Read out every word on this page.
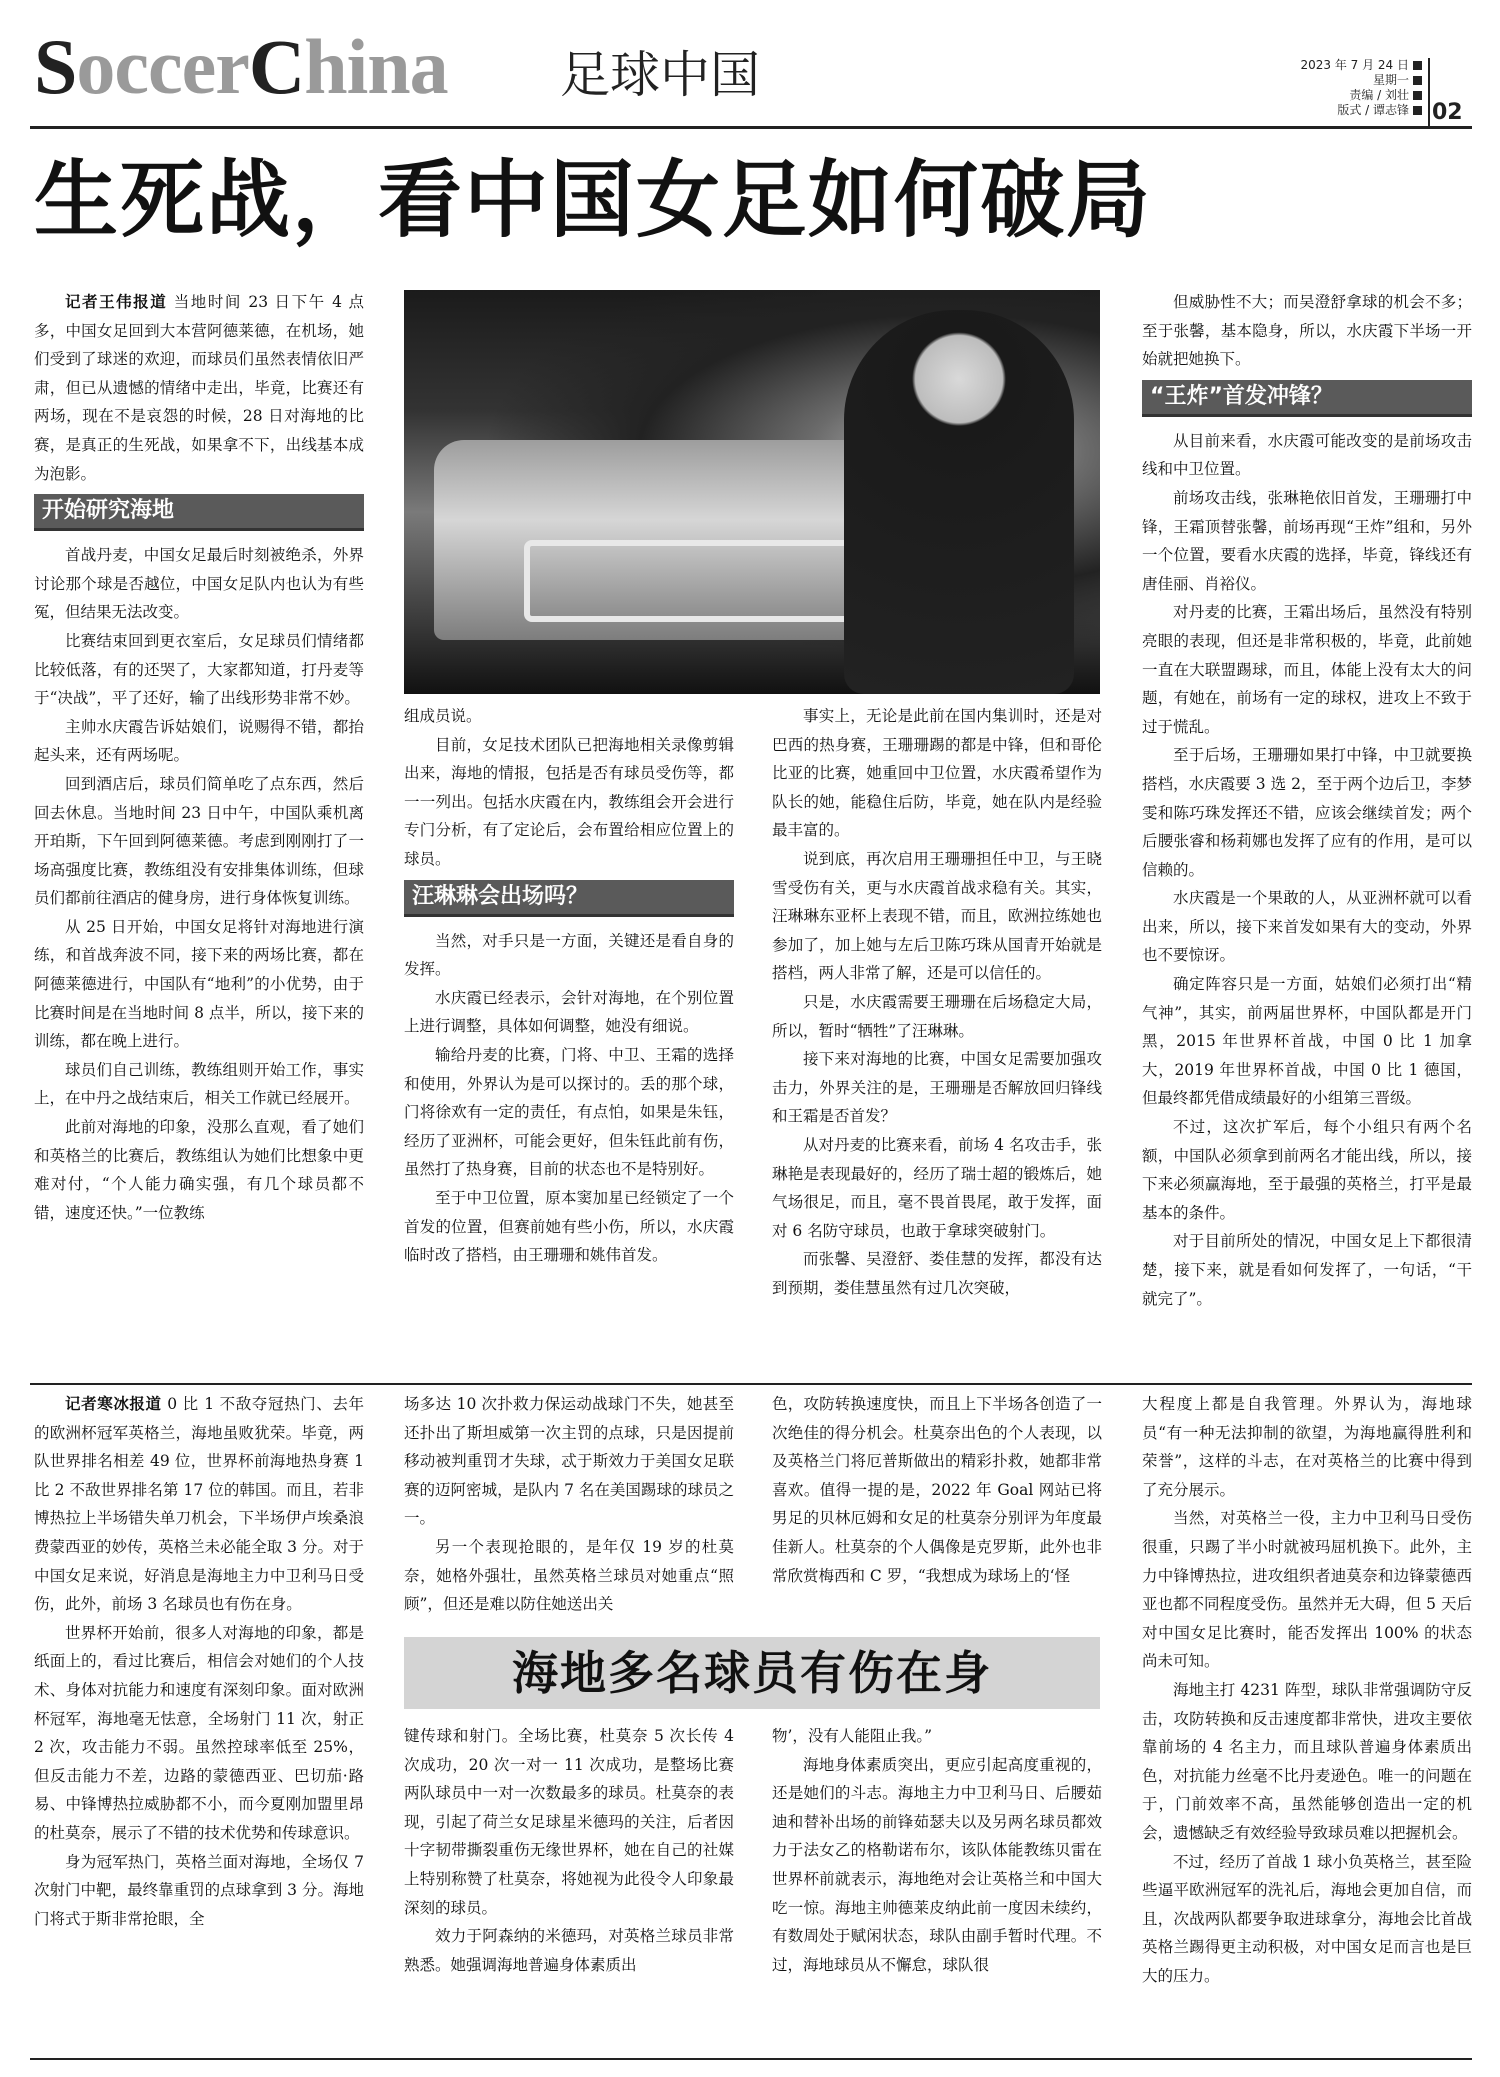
SoccerChina 足球中国	2023 年 7 月 24 日
星期一
责编 / 刘壮
版式 / 谭志锋	02
生死战，看中国女足如何破局

记者王伟报道 当地时间 23 日下午 4 点多，中国女足回到大本营阿德莱德，在机场，她们受到了球迷的欢迎，而球员们虽然表情依旧严肃，但已从遗憾的情绪中走出，毕竟，比赛还有两场，现在不是哀怨的时候，28 日对海地的比赛，是真正的生死战，如果拿不下，出线基本成为泡影。

开始研究海地

首战丹麦，中国女足最后时刻被绝杀，外界讨论那个球是否越位，中国女足队内也认为有些冤，但结果无法改变。

比赛结束回到更衣室后，女足球员们情绪都比较低落，有的还哭了，大家都知道，打丹麦等于“决战”，平了还好，输了出线形势非常不妙。

主帅水庆霞告诉姑娘们，说赐得不错，都抬起头来，还有两场呢。

回到酒店后，球员们简单吃了点东西，然后回去休息。当地时间 23 日中午，中国队乘机离开珀斯，下午回到阿德莱德。考虑到刚刚打了一场高强度比赛，教练组没有安排集体训练，但球员们都前往酒店的健身房，进行身体恢复训练。

从 25 日开始，中国女足将针对海地进行演练，和首战奔波不同，接下来的两场比赛，都在阿德莱德进行，中国队有“地利”的小优势，由于比赛时间是在当地时间 8 点半，所以，接下来的训练，都在晚上进行。

球员们自己训练，教练组则开始工作，事实上，在中丹之战结束后，相关工作就已经展开。

此前对海地的印象，没那么直观，看了她们和英格兰的比赛后，教练组认为她们比想象中更难对付，“个人能力确实强，有几个球员都不错，速度还快。”一位教练

组成员说。

目前，女足技术团队已把海地相关录像剪辑出来，海地的情报，包括是否有球员受伤等，都一一列出。包括水庆霞在内，教练组会开会进行专门分析，有了定论后，会布置给相应位置上的球员。

汪琳琳会出场吗？

当然，对手只是一方面，关键还是看自身的发挥。

水庆霞已经表示，会针对海地，在个别位置上进行调整，具体如何调整，她没有细说。

输给丹麦的比赛，门将、中卫、王霜的选择和使用，外界认为是可以探讨的。丢的那个球，门将徐欢有一定的责任，有点怕，如果是朱钰，经历了亚洲杯，可能会更好，但朱钰此前有伤，虽然打了热身赛，目前的状态也不是特别好。

至于中卫位置，原本窦加星已经锁定了一个首发的位置，但赛前她有些小伤，所以，水庆霞临时改了搭档，由王珊珊和姚伟首发。

事实上，无论是此前在国内集训时，还是对巴西的热身赛，王珊珊踢的都是中锋，但和哥伦比亚的比赛，她重回中卫位置，水庆霞希望作为队长的她，能稳住后防，毕竟，她在队内是经验最丰富的。

说到底，再次启用王珊珊担任中卫，与王晓雪受伤有关，更与水庆霞首战求稳有关。其实，汪琳琳东亚杯上表现不错，而且，欧洲拉练她也参加了，加上她与左后卫陈巧珠从国青开始就是搭档，两人非常了解，还是可以信任的。

只是，水庆霞需要王珊珊在后场稳定大局，所以，暂时“牺牲”了汪琳琳。

接下来对海地的比赛，中国女足需要加强攻击力，外界关注的是，王珊珊是否解放回归锋线和王霜是否首发？

从对丹麦的比赛来看，前场 4 名攻击手，张琳艳是表现最好的，经历了瑞士超的锻炼后，她气场很足，而且，毫不畏首畏尾，敢于发挥，面对 6 名防守球员，也敢于拿球突破射门。

而张馨、吴澄舒、娄佳慧的发挥，都没有达到预期，娄佳慧虽然有过几次突破，

但威胁性不大；而吴澄舒拿球的机会不多；至于张馨，基本隐身，所以，水庆霞下半场一开始就把她换下。

“王炸”首发冲锋？

从目前来看，水庆霞可能改变的是前场攻击线和中卫位置。

前场攻击线，张琳艳依旧首发，王珊珊打中锋，王霜顶替张馨，前场再现“王炸”组和，另外一个位置，要看水庆霞的选择，毕竟，锋线还有唐佳丽、肖裕仪。

对丹麦的比赛，王霜出场后，虽然没有特别亮眼的表现，但还是非常积极的，毕竟，此前她一直在大联盟踢球，而且，体能上没有太大的问题，有她在，前场有一定的球权，进攻上不致于过于慌乱。

至于后场，王珊珊如果打中锋，中卫就要换搭档，水庆霞要 3 选 2，至于两个边后卫，李梦雯和陈巧珠发挥还不错，应该会继续首发；两个后腰张睿和杨莉娜也发挥了应有的作用，是可以信赖的。

水庆霞是一个果敢的人，从亚洲杯就可以看出来，所以，接下来首发如果有大的变动，外界也不要惊讶。

确定阵容只是一方面，姑娘们必须打出“精气神”，其实，前两届世界杯，中国队都是开门黑，2015 年世界杯首战，中国 0 比 1 加拿大，2019 年世界杯首战，中国 0 比 1 德国，但最终都凭借成绩最好的小组第三晋级。

不过，这次扩军后，每个小组只有两个名额，中国队必须拿到前两名才能出线，所以，接下来必须赢海地，至于最强的英格兰，打平是最基本的条件。

对于目前所处的情况，中国女足上下都很清楚，接下来，就是看如何发挥了，一句话，“干就完了”。

记者寒冰报道 0 比 1 不敌夺冠热门、去年的欧洲杯冠军英格兰，海地虽败犹荣。毕竟，两队世界排名相差 49 位，世界杯前海地热身赛 1 比 2 不敌世界排名第 17 位的韩国。而且，若非博热拉上半场错失单刀机会，下半场伊卢埃桑浪费蒙西亚的妙传，英格兰未必能全取 3 分。对于中国女足来说，好消息是海地主力中卫利马日受伤，此外，前场 3 名球员也有伤在身。

世界杯开始前，很多人对海地的印象，都是纸面上的，看过比赛后，相信会对她们的个人技术、身体对抗能力和速度有深刻印象。面对欧洲杯冠军，海地毫无怯意，全场射门 11 次，射正 2 次，攻击能力不弱。虽然控球率低至 25%，但反击能力不差，边路的蒙德西亚、巴切茄·路易、中锋博热拉威胁都不小，而今夏刚加盟里昂的杜莫奈，展示了不错的技术优势和传球意识。

身为冠军热门，英格兰面对海地，全场仅 7 次射门中靶，最终靠重罚的点球拿到 3 分。海地门将式于斯非常抢眼，全

场多达 10 次扑救力保运动战球门不失，她甚至还扑出了斯坦威第一次主罚的点球，只是因提前移动被判重罚才失球，忒于斯效力于美国女足联赛的迈阿密城，是队内 7 名在美国踢球的球员之一。

另一个表现抢眼的，是年仅 19 岁的杜莫奈，她格外强壮，虽然英格兰球员对她重点“照顾”，但还是难以防住她送出关

色，攻防转换速度快，而且上下半场各创造了一次绝佳的得分机会。杜莫奈出色的个人表现，以及英格兰门将厄普斯做出的精彩扑救，她都非常喜欢。值得一提的是，2022 年 Goal 网站已将男足的贝林厄姆和女足的杜莫奈分别评为年度最佳新人。杜莫奈的个人偶像是克罗斯，此外也非常欣赏梅西和 C 罗，“我想成为球场上的‘怪

海地多名球员有伤在身

键传球和射门。全场比赛，杜莫奈 5 次长传 4 次成功，20 次一对一 11 次成功，是整场比赛两队球员中一对一次数最多的球员。杜莫奈的表现，引起了荷兰女足球星米德玛的关注，后者因十字韧带撕裂重伤无缘世界杯，她在自己的社媒上特别称赞了杜莫奈，将她视为此役令人印象最深刻的球员。

效力于阿森纳的米德玛，对英格兰球员非常熟悉。她强调海地普遍身体素质出

物’，没有人能阻止我。”

海地身体素质突出，更应引起高度重视的，还是她们的斗志。海地主力中卫利马日、后腰茹迪和替补出场的前锋茹瑟夫以及另两名球员都效力于法女乙的格勒诺布尔，该队体能教练贝雷在世界杯前就表示，海地绝对会让英格兰和中国大吃一惊。海地主帅德莱皮纳此前一度因未续约，有数周处于赋闲状态，球队由副手暂时代理。不过，海地球员从不懈怠，球队很

大程度上都是自我管理。外界认为，海地球员“有一种无法抑制的欲望，为海地赢得胜利和荣誉”，这样的斗志，在对英格兰的比赛中得到了充分展示。

当然，对英格兰一役，主力中卫利马日受伤很重，只踢了半小时就被玛屈机换下。此外，主力中锋博热拉，进攻组织者迪莫奈和边锋蒙德西亚也都不同程度受伤。虽然并无大碍，但 5 天后对中国女足比赛时，能否发挥出 100% 的状态尚未可知。

海地主打 4231 阵型，球队非常强调防守反击，攻防转换和反击速度都非常快，进攻主要依靠前场的 4 名主力，而且球队普遍身体素质出色，对抗能力丝毫不比丹麦逊色。唯一的问题在于，门前效率不高，虽然能够创造出一定的机会，遗憾缺乏有效经验导致球员难以把握机会。

不过，经历了首战 1 球小负英格兰，甚至险些逼平欧洲冠军的洗礼后，海地会更加自信，而且，次战两队都要争取进球拿分，海地会比首战英格兰踢得更主动积极，对中国女足而言也是巨大的压力。
